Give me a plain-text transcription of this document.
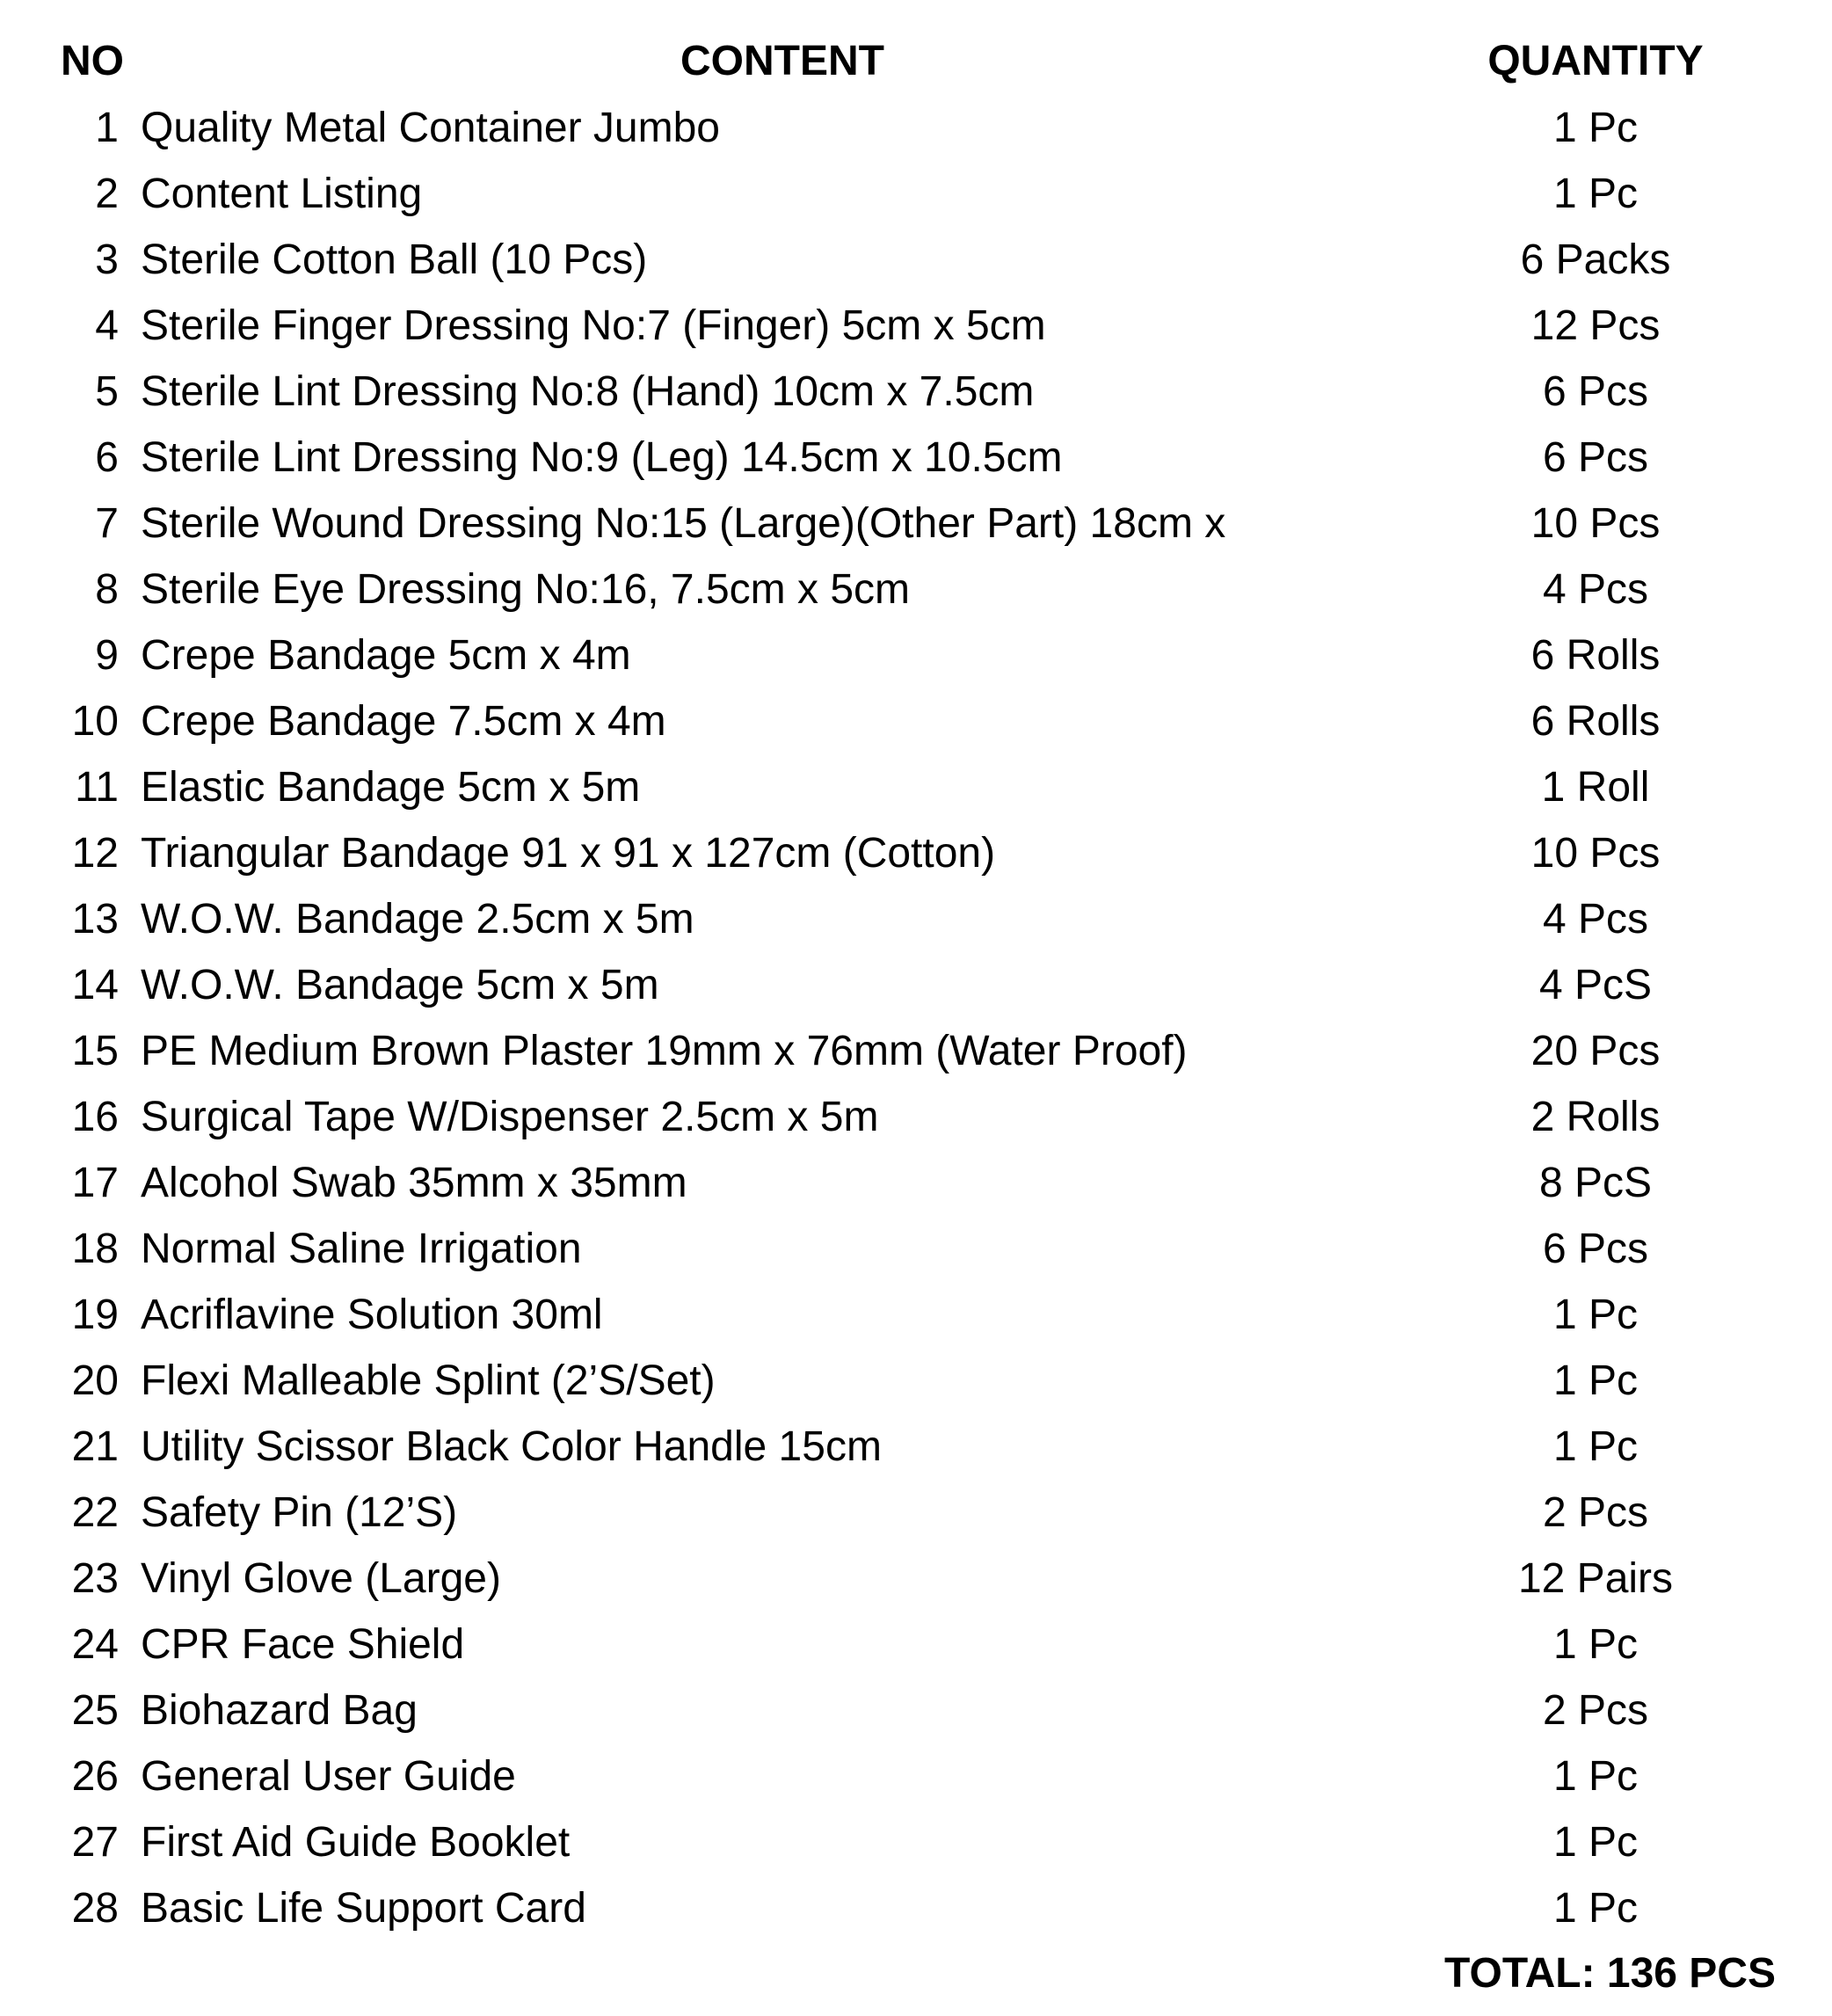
NO	CONTENT	QUANTITY
1 Quality Metal Container Jumbo	1 Pc
2 Content Listing	1 Pc
3 Sterile Cotton Ball (10 Pcs)	6 Packs
4 Sterile Finger Dressing No:7 (Finger) 5cm x 5cm	12 Pcs
5 Sterile Lint Dressing No:8 (Hand) 10cm x 7.5cm	6 Pcs
6 Sterile Lint Dressing No:9 (Leg) 14.5cm x 10.5cm	6 Pcs
7 Sterile Wound Dressing No:15 (Large)(Other Part) 18cm x	10 Pcs
8 Sterile Eye Dressing No:16, 7.5cm x 5cm	4 Pcs
9 Crepe Bandage 5cm x 4m	6 Rolls
10 Crepe Bandage 7.5cm x 4m	6 Rolls
11 Elastic Bandage 5cm x 5m	1 Roll
12 Triangular Bandage 91 x 91 x 127cm (Cotton)	10 Pcs
13 W.O.W. Bandage 2.5cm x 5m	4 Pcs
14 W.O.W. Bandage 5cm x 5m	4 PcS
15 PE Medium Brown Plaster 19mm x 76mm (Water Proof)	20 Pcs
16 Surgical Tape W/Dispenser 2.5cm x 5m	2 Rolls
17 Alcohol Swab 35mm x 35mm	8 PcS
18 Normal Saline Irrigation	6 Pcs
19 Acriflavine Solution 30ml	1 Pc
20 Flexi Malleable Splint (2’S/Set)	1 Pc
21 Utility Scissor Black Color Handle 15cm	1 Pc
22 Safety Pin (12’S)	2 Pcs
23 Vinyl Glove (Large)	12 Pairs
24 CPR Face Shield	1 Pc
25 Biohazard Bag	2 Pcs
26 General User Guide	1 Pc
27 First Aid Guide Booklet	1 Pc
28 Basic Life Support Card	1 Pc
TOTAL: 136 PCS
